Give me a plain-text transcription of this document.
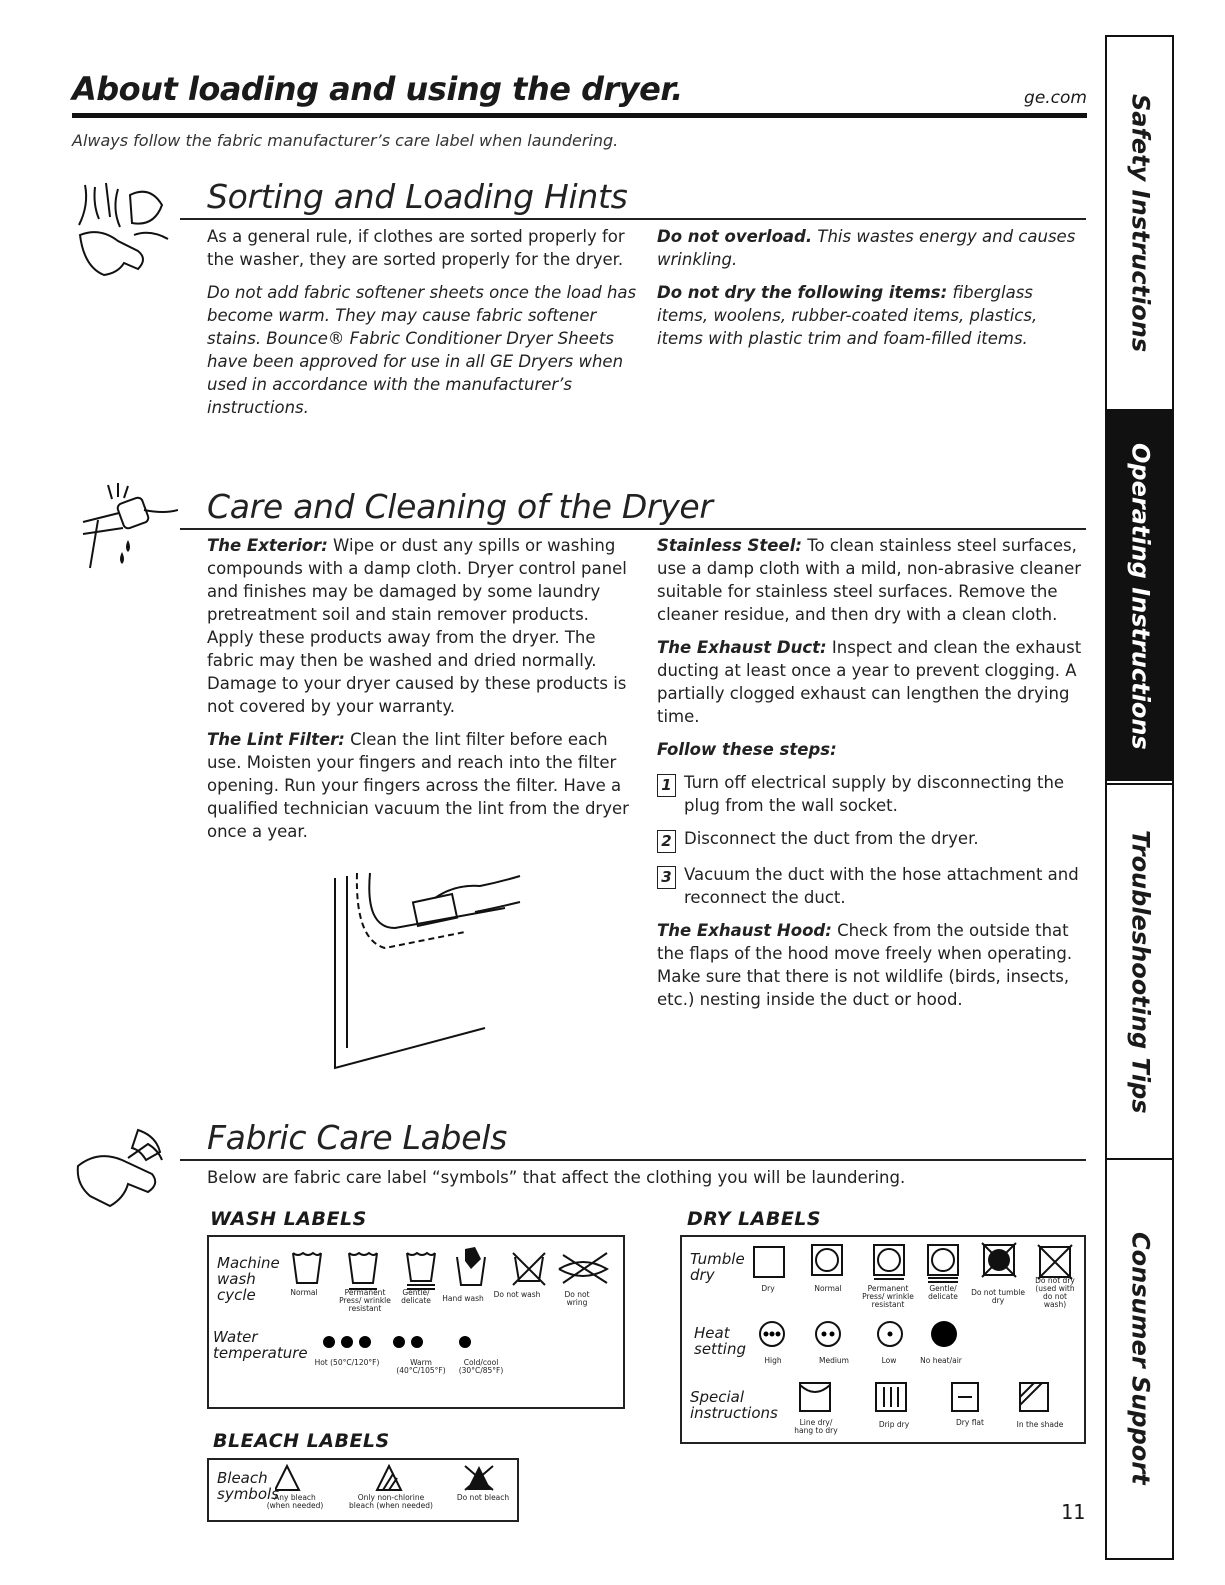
About loading and using the dryer.	ge.com
Always follow the fabric manufacturer’s care label when laundering.
Sorting and Loading Hints

As a general rule, if clothes are sorted properly for the washer, they are sorted properly for the dryer.

Do not add fabric softener sheets once the load has become warm. They may cause fabric softener stains. Bounce® Fabric Conditioner Dryer Sheets have been approved for use in all GE Dryers when used in accordance with the manufacturer’s instructions.

Do not overload. This wastes energy and causes wrinkling.

Do not dry the following items: fiberglass items, woolens, rubber-coated items, plastics, items with plastic trim and foam-filled items.

Care and Cleaning of the Dryer

The Exterior: Wipe or dust any spills or washing compounds with a damp cloth. Dryer control panel and finishes may be damaged by some laundry pretreatment soil and stain remover products. Apply these products away from the dryer. The fabric may then be washed and dried normally. Damage to your dryer caused by these products is not covered by your warranty.

The Lint Filter: Clean the lint filter before each use. Moisten your fingers and reach into the filter opening. Run your fingers across the filter. Have a qualified technician vacuum the lint from the dryer once a year.

Stainless Steel: To clean stainless steel surfaces, use a damp cloth with a mild, non-abrasive cleaner suitable for stainless steel surfaces. Remove the cleaner residue, and then dry with a clean cloth.

The Exhaust Duct: Inspect and clean the exhaust ducting at least once a year to prevent clogging. A partially clogged exhaust can lengthen the drying time.

Follow these steps:

1 Turn off electrical supply by disconnecting the plug from the wall socket.
2 Disconnect the duct from the dryer.
3 Vacuum the duct with the hose attachment and reconnect the duct.

The Exhaust Hood: Check from the outside that the flaps of the hood move freely when operating. Make sure that there is not wildlife (birds, insects, etc.) nesting inside the duct or hood.

Fabric Care Labels
Below are fabric care label “symbols” that affect the clothing you will be laundering.
WASH LABELS
Machine wash cycle	Normal	Permanent Press/ wrinkle resistant
Gentle/ delicate Hand wash Do not wash	Do not wring
Water temperature
Hot (50°C/120°F)	Warm (40°C/105°F)
Cold/cool (30°C/85°F)
BLEACH LABELS
Bleach symbols
Any bleach (when needed)
Only non-chlorine bleach (when needed)
Do not bleach
DRY LABELS
Tumble dry
Dry	Normal	Permanent Press/ wrinkle resistant
Gentle/ delicate	Do not tumble dry
Do not dry (used with do not wash)
Heat setting
High	Medium	Low	No heat/air
Special instructions
Line dry/ hang to dry
Drip dry	Dry flat	In the shade
Safety Instructions
Operating Instructions
Troubleshooting Tips
Consumer Support
11
